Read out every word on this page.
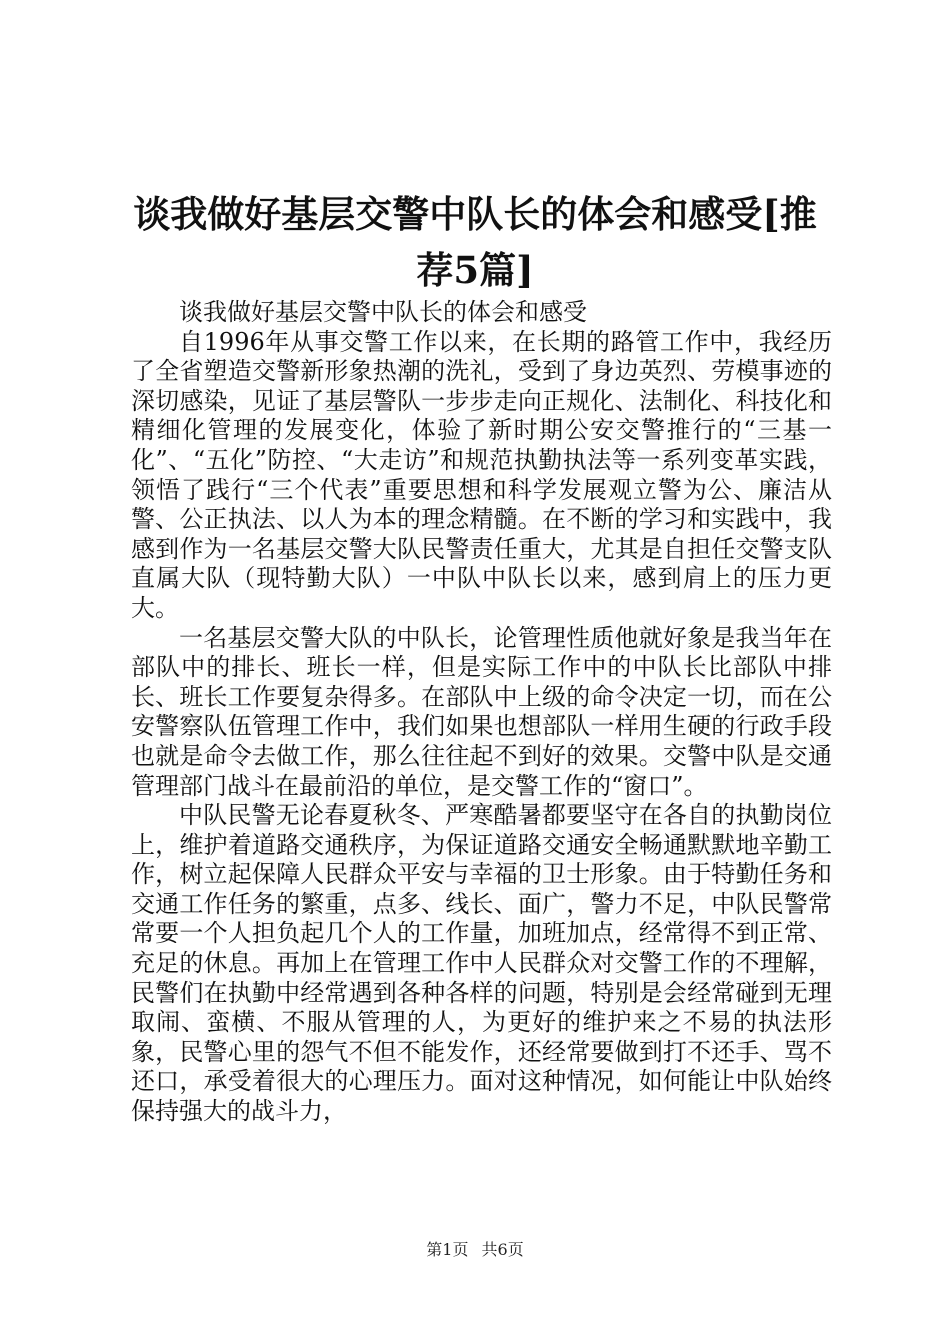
谈我做好基层交警中队长的体会和感受[推荐5篇]

谈我做好基层交警中队长的体会和感受

自1996年从事交警工作以来，在长期的路管工作中，我经历了全省塑造交警新形象热潮的洗礼，受到了身边英烈、劳模事迹的深切感染，见证了基层警队一步步走向正规化、法制化、科技化和精细化管理的发展变化，体验了新时期公安交警推行的“三基一化”、“五化”防控、“大走访”和规范执勤执法等一系列变革实践，领悟了践行“三个代表”重要思想和科学发展观立警为公、廉洁从警、公正执法、以人为本的理念精髓。在不断的学习和实践中，我感到作为一名基层交警大队民警责任重大，尤其是自担任交警支队直属大队（现特勤大队）一中队中队长以来，感到肩上的压力更大。

一名基层交警大队的中队长，论管理性质他就好象是我当年在部队中的排长、班长一样，但是实际工作中的中队长比部队中排长、班长工作要复杂得多。在部队中上级的命令决定一切，而在公安警察队伍管理工作中，我们如果也想部队一样用生硬的行政手段也就是命令去做工作，那么往往起不到好的效果。交警中队是交通管理部门战斗在最前沿的单位，是交警工作的“窗口”。

中队民警无论春夏秋冬、严寒酷暑都要坚守在各自的执勤岗位上，维护着道路交通秩序，为保证道路交通安全畅通默默地辛勤工作，树立起保障人民群众平安与幸福的卫士形象。由于特勤任务和交通工作任务的繁重，点多、线长、面广，警力不足，中队民警常常要一个人担负起几个人的工作量，加班加点，经常得不到正常、充足的休息。再加上在管理工作中人民群众对交警工作的不理解，民警们在执勤中经常遇到各种各样的问题，特别是会经常碰到无理取闹、蛮横、不服从管理的人，为更好的维护来之不易的执法形象，民警心里的怨气不但不能发作，还经常要做到打不还手、骂不还口，承受着很大的心理压力。面对这种情况，如何能让中队始终保持强大的战斗力，

第1页 共6页
